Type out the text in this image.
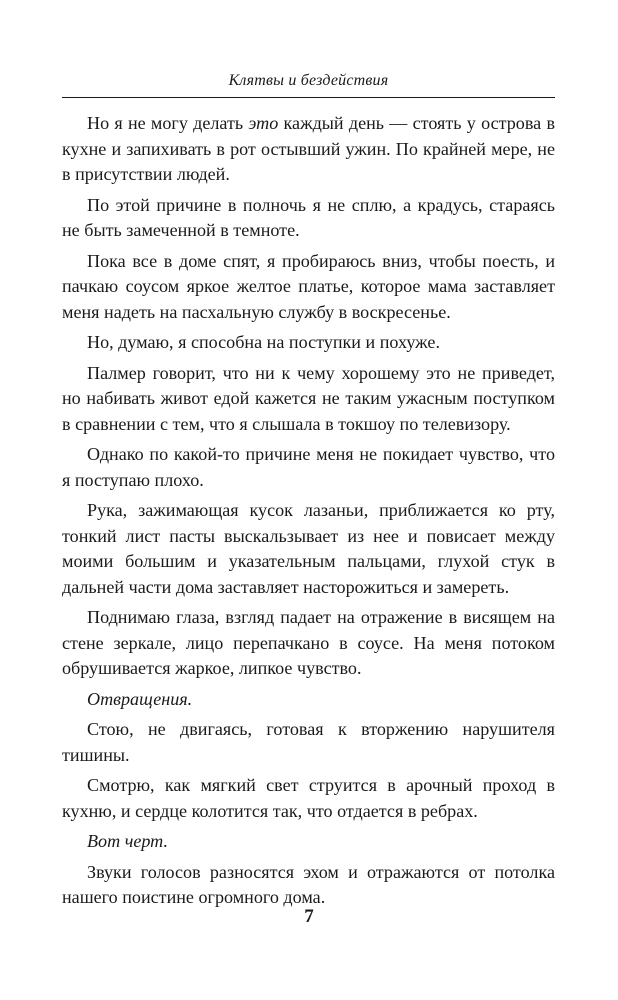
Клятвы и бездействия

Но я не могу делать это каждый день — стоять у острова в кухне и запихивать в рот остывший ужин. По крайней мере, не в присутствии людей.

По этой причине в полночь я не сплю, а крадусь, стараясь не быть замеченной в темноте.

Пока все в доме спят, я пробираюсь вниз, чтобы поесть, и пачкаю соусом яркое желтое платье, которое мама заставляет меня надеть на пасхальную службу в воскресенье.

Но, думаю, я способна на поступки и похуже.

Палмер говорит, что ни к чему хорошему это не приведет, но набивать живот едой кажется не таким ужасным поступком в сравнении с тем, что я слышала в токшоу по телевизору.

Однако по какой-то причине меня не покидает чувство, что я поступаю плохо.

Рука, зажимающая кусок лазаньи, приближается ко рту, тонкий лист пасты выскальзывает из нее и повисает между моими большим и указательным пальцами, глухой стук в дальней части дома заставляет насторожиться и замереть.

Поднимаю глаза, взгляд падает на отражение в висящем на стене зеркале, лицо перепачкано в соусе. На меня потоком обрушивается жаркое, липкое чувство.

Отвращения.

Стою, не двигаясь, готовая к вторжению нарушителя тишины.

Смотрю, как мягкий свет струится в арочный проход в кухню, и сердце колотится так, что отдается в ребрах.

Вот черт.

Звуки голосов разносятся эхом и отражаются от потолка нашего поистине огромного дома.

7
